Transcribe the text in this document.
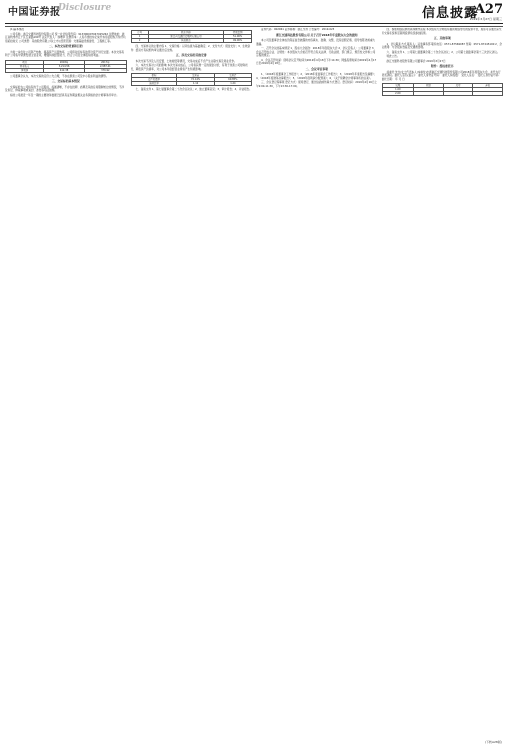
中国证券报
Disclosure	信息披露
A27
2019年3月27日 星期三
(1)基本情况
公司名称：浙江交通科技股份有限公司 统一社会信用代码：91330000704702526X 注册地址：浙江省杭州市江干区五星路199号 法定代表人：徐增华 注册资本：人民币壹拾叁亿柒仟叁佰伍拾叁万叁仟玖佰贰拾柒元 公司类型：其他股份有限公司(上市) 经营范围：交通基础设施建设、工程施工等。
二、本次交易的背景和目的
为进一步优化公司资产结构，提高资产运营效率，公司拟对所持有的部分资产进行处置。本次交易有利于公司集中资源发展主营业务，增强持续经营能力，符合公司及全体股东的利益。
项目	2018年	2017年
营业收入	3,214.56	2,987.41
净利润	412.38	376.92
公司董事会认为，本次交易的定价公允合理，不存在损害公司及中小股东利益的情形。
三、交易标的基本情况
交易标的为公司持有的子公司股权，权属清晰，不存在抵押、质押及其他任何限制转让的情况，不涉及诉讼、仲裁事项或查封、冻结等司法措施。
标的公司最近一年及一期的主要财务数据已经具有证券期货相关业务资格的会计师事务所审计。
序号	股东名称	持股比例
1	浙江省交通投资集团有限公司	51.00%
2	其他股东	49.00%
四、交易协议的主要内容 1、交易价格：以评估值为基础确定；2、支付方式：现金支付；3、生效条件：经双方有权机构审议通过后生效。
五、涉及交易的其他安排
本次交易不涉及人员安置、土地租赁等情况，交易完成后不会产生关联交易及同业竞争。
六、本次交易对公司的影响 本次交易完成后，公司将获得一定的现金对价，有利于改善公司财务状况，降低资产负债率，对公司本年度经营业绩将产生积极影响。
指标	交易前	交易后
资产负债率	72.14%	69.85%
流动比率	1.12	1.24
七、备查文件 1、第七届董事会第二十次会议决议；2、独立董事意见；3、审计报告；4、评估报告。
证券代码：002061 证券简称：浙江交科 公告编号：2019-023
浙江交通科技股份有限公司 关于召开2018年年度股东大会的通知
本公司及董事会全体成员保证信息披露的内容真实、准确、完整，没有虚假记载、误导性陈述或重大遗漏。
一、召开会议的基本情况 1、股东大会届次：2018年年度股东大会 2、会议召集人：公司董事会 3、会议召开的合法、合规性：本次股东大会的召开符合有关法律、行政法规、部门规章、规范性文件和公司章程的规定。
4、会议召开时间：现场会议召开时间为2019年4月18日下午14:30；网络投票时间为2019年4月17日至2019年4月18日。
二、会议审议事项
1、《2018年度董事会工作报告》；2、《2018年度监事会工作报告》；3、《2018年年度报告及摘要》；4、《2018年度财务决算报告》；5、《2018年度利润分配预案》；6、《关于续聘会计师事务所的议案》。
三、会议登记等事项 登记方式：现场登记、通过信函或传真方式登记。登记时间：2019年4月16日上午9:00-11:30，下午13:30-17:00。
四、参加网络投票的具体操作流程 本次股东大会向股东提供网络形式的投票平台，股东可以通过深交所交易系统和互联网投票系统参加投票。
五、其他事项
1、会议联系方式 联系人：证券事务部 联系电话：0571-87569087 传真：0571-87245190 2、会议费用：与会股东食宿及交通费自理。
六、备查文件 1、公司第七届董事会第二十次会议决议；2、公司第七届监事会第十三次会议决议。
特此公告。
浙江交通科技股份有限公司董事会 2019年3月27日
附件：授权委托书
兹委托 先生/女士代表本人(本单位)出席浙江交通科技股份有限公司2018年年度股东大会，并代为行使表决权。委托人签名(盖章)： 委托人身份证号码： 委托人持股数： 受托人签名： 受托人身份证号码： 委托日期： 年 月 日
议案	同意	反对	弃权
1.00			
2.00			
(下转A28版)
